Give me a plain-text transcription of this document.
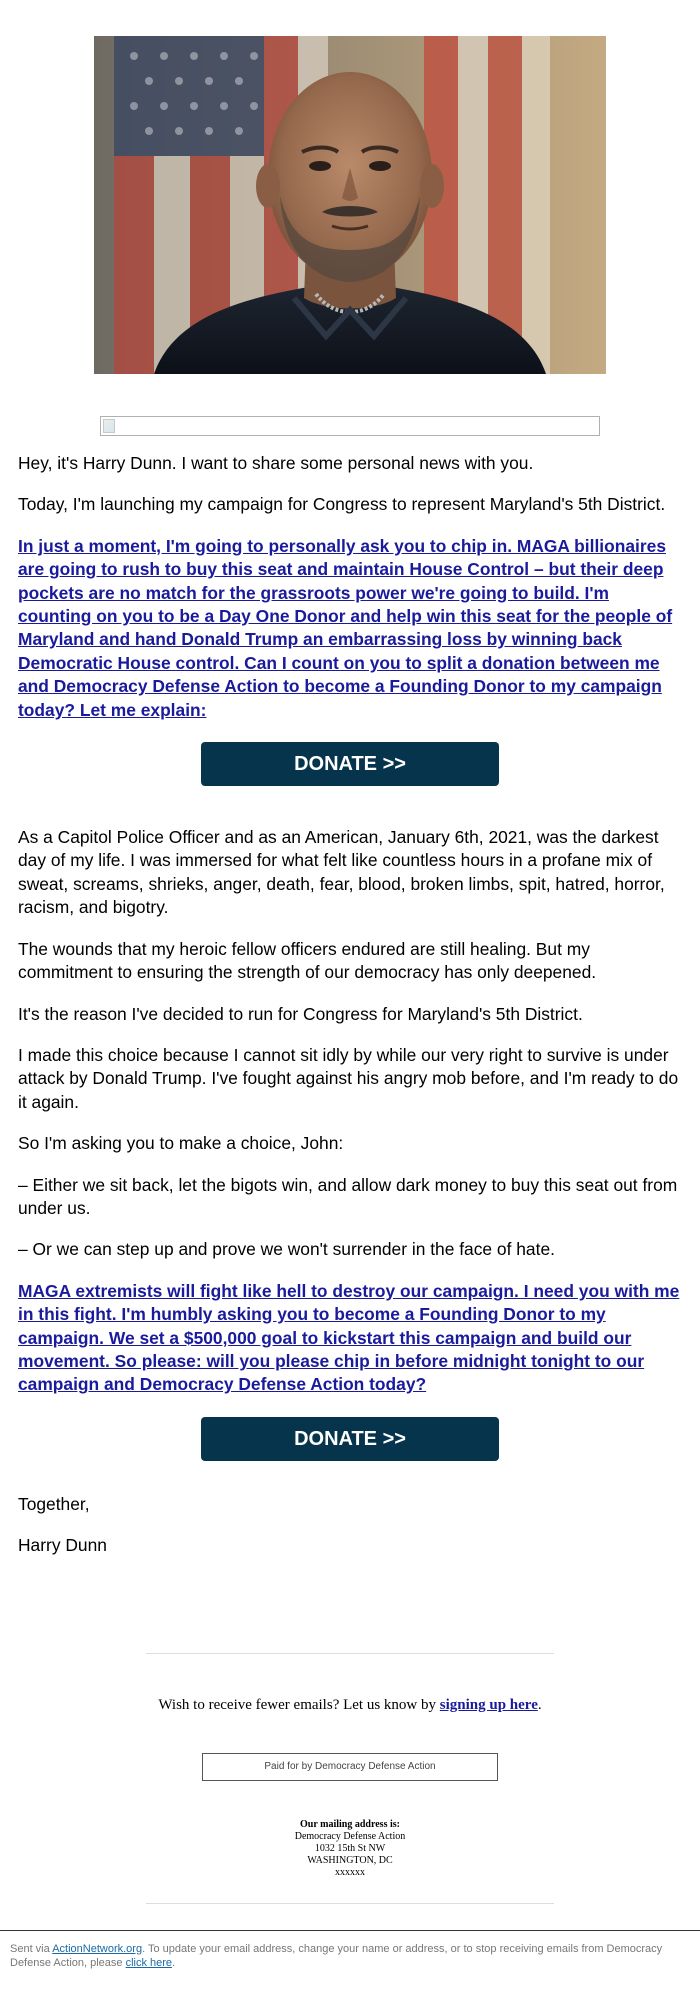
Hey, it's Harry Dunn. I want to share some personal news with you.

Today, I'm launching my campaign for Congress to represent Maryland's 5th District.

In just a moment, I'm going to personally ask you to chip in. MAGA billionaires are going to rush to buy this seat and maintain House Control – but their deep pockets are no match for the grassroots power we're going to build. I'm counting on you to be a Day One Donor and help win this seat for the people of Maryland and hand Donald Trump an embarrassing loss by winning back Democratic House control. Can I count on you to split a donation between me and Democracy Defense Action to become a Founding Donor to my campaign today? Let me explain:

DONATE >>

As a Capitol Police Officer and as an American, January 6th, 2021, was the darkest day of my life. I was immersed for what felt like countless hours in a profane mix of sweat, screams, shrieks, anger, death, fear, blood, broken limbs, spit, hatred, horror, racism, and bigotry.

The wounds that my heroic fellow officers endured are still healing. But my commitment to ensuring the strength of our democracy has only deepened.

It's the reason I've decided to run for Congress for Maryland's 5th District.

I made this choice because I cannot sit idly by while our very right to survive is under attack by Donald Trump. I've fought against his angry mob before, and I'm ready to do it again.

So I'm asking you to make a choice, John:

– Either we sit back, let the bigots win, and allow dark money to buy this seat out from under us.

– Or we can step up and prove we won't surrender in the face of hate.

MAGA extremists will fight like hell to destroy our campaign. I need you with me in this fight. I'm humbly asking you to become a Founding Donor to my campaign. We set a $500,000 goal to kickstart this campaign and build our movement. So please: will you please chip in before midnight tonight to our campaign and Democracy Defense Action today?

DONATE >>

Together,

Harry Dunn

Wish to receive fewer emails? Let us know by signing up here.
Paid for by Democracy Defense Action
Our mailing address is:
Democracy Defense Action
1032 15th St NW
WASHINGTON, DC
xxxxxx
Sent via ActionNetwork.org. To update your email address, change your name or address, or to stop receiving emails from Democracy Defense Action, please click here.
